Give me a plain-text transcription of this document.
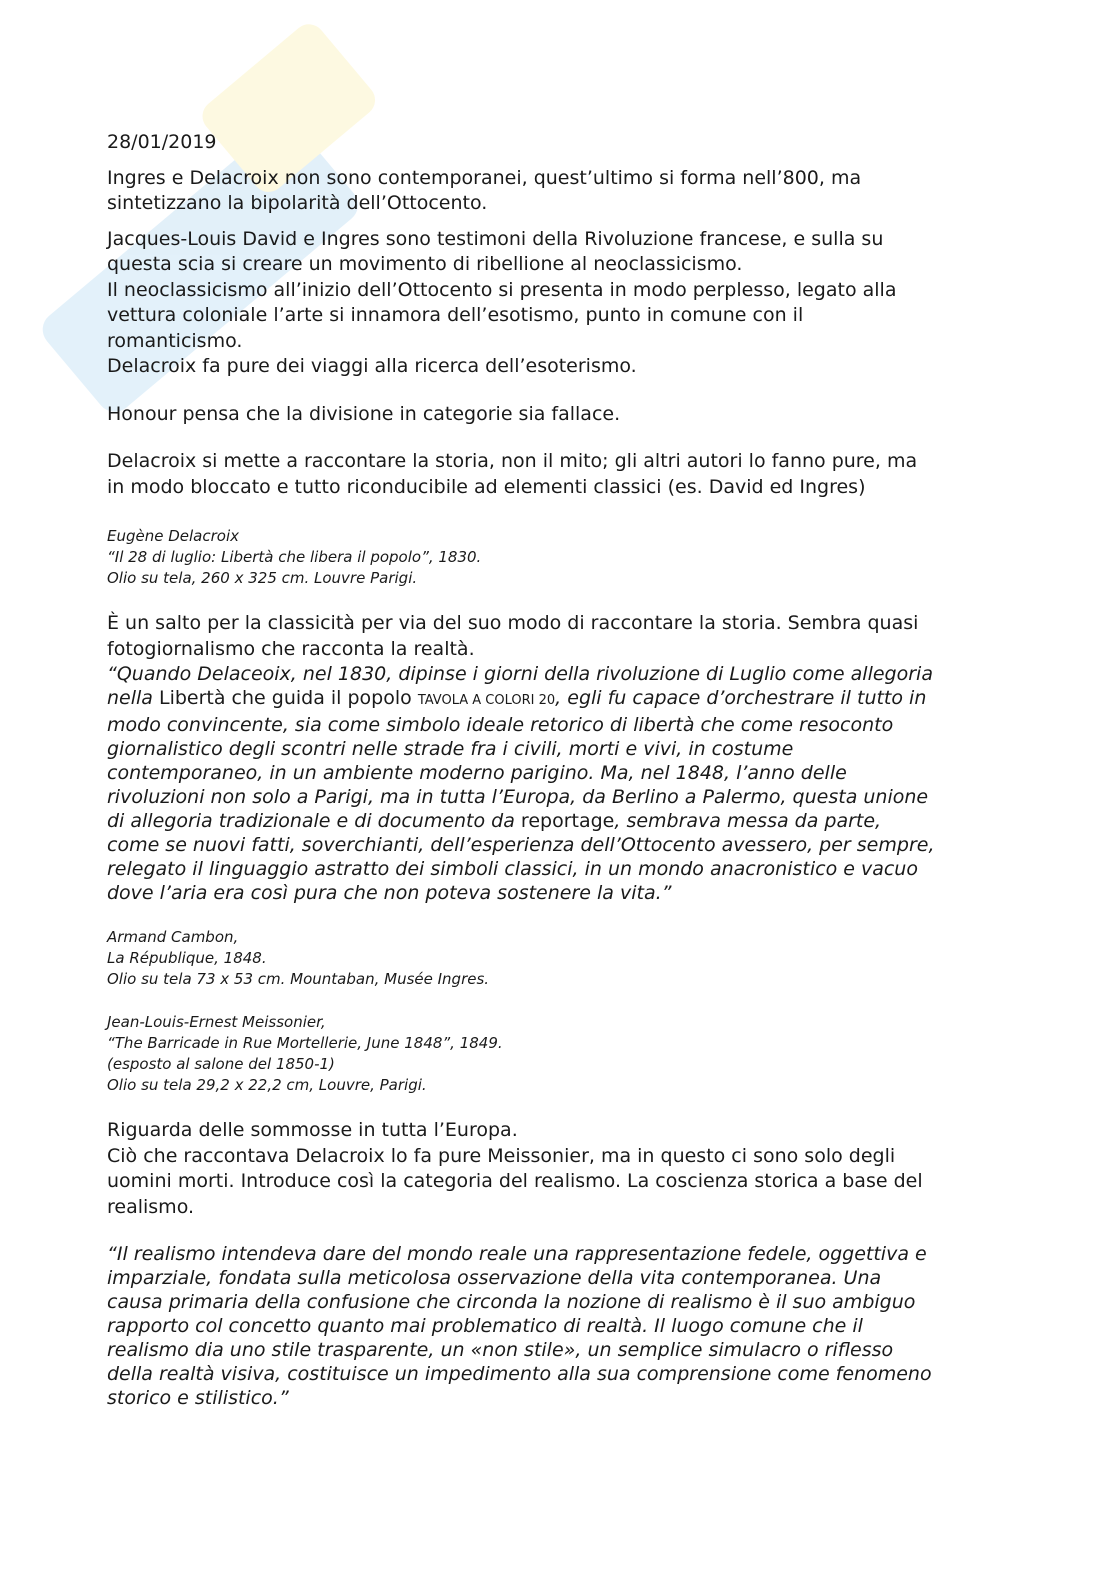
28/01/2019

Ingres e Delacroix non sono contemporanei, quest’ultimo si forma nell’800, ma

sintetizzano la bipolarità dell’Ottocento.

Jacques-Louis David e Ingres sono testimoni della Rivoluzione francese, e sulla su

questa scia si creare un movimento di ribellione al neoclassicismo.

Il neoclassicismo all’inizio dell’Ottocento si presenta in modo perplesso, legato alla

vettura coloniale l’arte si innamora dell’esotismo, punto in comune con il

romanticismo.

Delacroix fa pure dei viaggi alla ricerca dell’esoterismo.

Honour pensa che la divisione in categorie sia fallace.

Delacroix si mette a raccontare la storia, non il mito; gli altri autori lo fanno pure, ma

in modo bloccato e tutto riconducibile ad elementi classici (es. David ed Ingres)

Eugène Delacroix

“Il 28 di luglio: Libertà che libera il popolo”, 1830.

Olio su tela, 260 x 325 cm. Louvre Parigi.

È un salto per la classicità per via del suo modo di raccontare la storia. Sembra quasi

fotogiornalismo che racconta la realtà.

“Quando Delaceoix, nel 1830, dipinse i giorni della rivoluzione di Luglio come allegoria

nella Libertà che guida il popolo TAVOLA A COLORI 20, egli fu capace d’orchestrare il tutto in

modo convincente, sia come simbolo ideale retorico di libertà che come resoconto

giornalistico degli scontri nelle strade fra i civili, morti e vivi, in costume

contemporaneo, in un ambiente moderno parigino. Ma, nel 1848, l’anno delle

rivoluzioni non solo a Parigi, ma in tutta l’Europa, da Berlino a Palermo, questa unione

di allegoria tradizionale e di documento da reportage, sembrava messa da parte,

come se nuovi fatti, soverchianti, dell’esperienza dell’Ottocento avessero, per sempre,

relegato il linguaggio astratto dei simboli classici, in un mondo anacronistico e vacuo

dove l’aria era così pura che non poteva sostenere la vita.”

Armand Cambon,

La République, 1848.

Olio su tela 73 x 53 cm. Mountaban, Musée Ingres.

Jean-Louis-Ernest Meissonier,

“The Barricade in Rue Mortellerie, June 1848”, 1849.

(esposto al salone del 1850-1)

Olio su tela 29,2 x 22,2 cm, Louvre, Parigi.

Riguarda delle sommosse in tutta l’Europa.

Ciò che raccontava Delacroix lo fa pure Meissonier, ma in questo ci sono solo degli

uomini morti. Introduce così la categoria del realismo. La coscienza storica a base del

realismo.

“Il realismo intendeva dare del mondo reale una rappresentazione fedele, oggettiva e

imparziale, fondata sulla meticolosa osservazione della vita contemporanea. Una

causa primaria della confusione che circonda la nozione di realismo è il suo ambiguo

rapporto col concetto quanto mai problematico di realtà. Il luogo comune che il

realismo dia uno stile trasparente, un «non stile», un semplice simulacro o riflesso

della realtà visiva, costituisce un impedimento alla sua comprensione come fenomeno

storico e stilistico.”
